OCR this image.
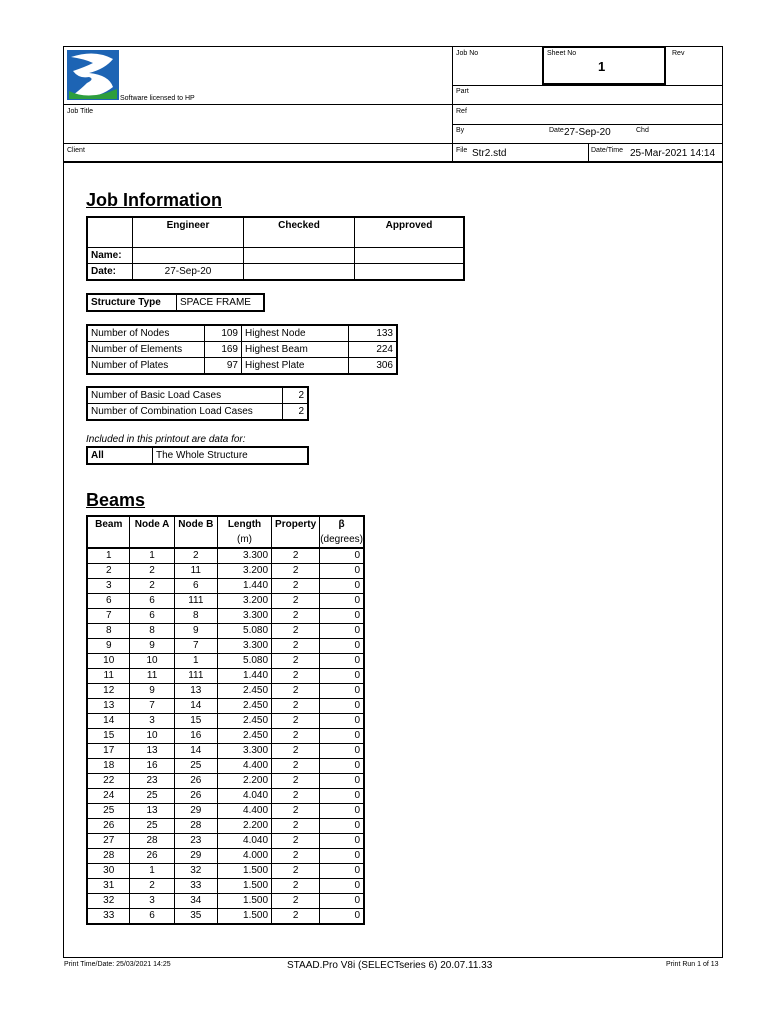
Software licensed to HP
Job No	Sheet No
1
Rev
Part
Job Title	Ref
By	Date 27-Sep-20	Chd
Client	File Str2.std	Date/Time 25-Mar-2021 14:14
Job Information
	Engineer	Checked	Approved
Name:			
Date:	27-Sep-20		
Structure Type	SPACE FRAME
Number of Nodes	109	Highest Node	133
Number of Elements	169	Highest Beam	224
Number of Plates	97	Highest Plate	306
Number of Basic Load Cases	2
Number of Combination Load Cases	2
Included in this printout are data for:
All	The Whole Structure
Beams
Beam	Node A	Node B	Length	Property	β
			(m)		(degrees)
1	1	2	3.300	2	0
2	2	11	3.200	2	0
3	2	6	1.440	2	0
6	6	111	3.200	2	0
7	6	8	3.300	2	0
8	8	9	5.080	2	0
9	9	7	3.300	2	0
10	10	1	5.080	2	0
11	11	111	1.440	2	0
12	9	13	2.450	2	0
13	7	14	2.450	2	0
14	3	15	2.450	2	0
15	10	16	2.450	2	0
17	13	14	3.300	2	0
18	16	25	4.400	2	0
22	23	26	2.200	2	0
24	25	26	4.040	2	0
25	13	29	4.400	2	0
26	25	28	2.200	2	0
27	28	23	4.040	2	0
28	26	29	4.000	2	0
30	1	32	1.500	2	0
31	2	33	1.500	2	0
32	3	34	1.500	2	0
33	6	35	1.500	2	0
Print Time/Date: 25/03/2021 14:25	STAAD.Pro V8i (SELECTseries 6) 20.07.11.33	Print Run 1 of 13
